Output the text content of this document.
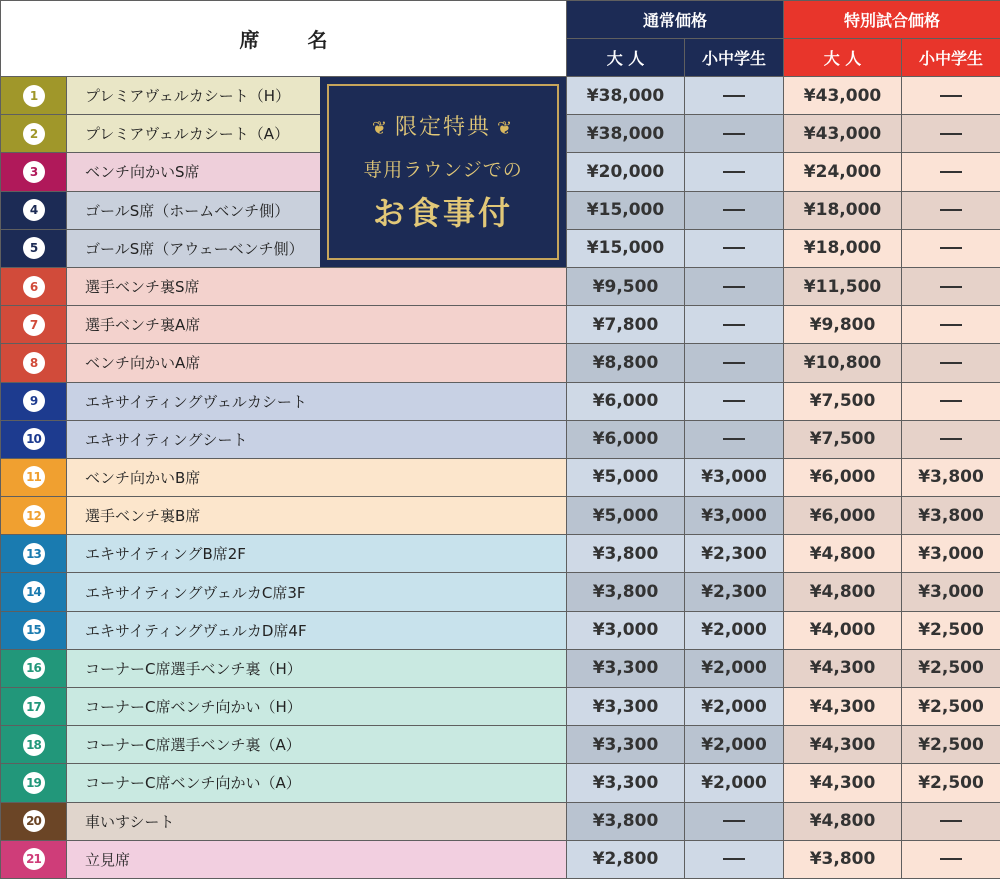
席名		通常価格		特別試合価格	
		大 人	小中学生	大 人	小中学生
1	プレミアヴェルカシート（H）	¥38,000		¥43,000	
2	プレミアヴェルカシート（A）	¥38,000		¥43,000	
3	ベンチ向かいS席	¥20,000		¥24,000	
4	ゴールS席（ホームベンチ側）	¥15,000		¥18,000	
5	ゴールS席（アウェーベンチ側）	¥15,000		¥18,000	
6	選手ベンチ裏S席	¥9,500		¥11,500	
7	選手ベンチ裏A席	¥7,800		¥9,800	
8	ベンチ向かいA席	¥8,800		¥10,800	
9	エキサイティングヴェルカシート	¥6,000		¥7,500	
10	エキサイティングシート	¥6,000		¥7,500	
11	ベンチ向かいB席	¥5,000	¥3,000	¥6,000	¥3,800
12	選手ベンチ裏B席	¥5,000	¥3,000	¥6,000	¥3,800
13	エキサイティングB席2F	¥3,800	¥2,300	¥4,800	¥3,000
14	エキサイティングヴェルカC席3F	¥3,800	¥2,300	¥4,800	¥3,000
15	エキサイティングヴェルカD席4F	¥3,000	¥2,000	¥4,000	¥2,500
16	コーナーC席選手ベンチ裏（H）	¥3,300	¥2,000	¥4,300	¥2,500
17	コーナーC席ベンチ向かい（H）	¥3,300	¥2,000	¥4,300	¥2,500
18	コーナーC席選手ベンチ裏（A）	¥3,300	¥2,000	¥4,300	¥2,500
19	コーナーC席ベンチ向かい（A）	¥3,300	¥2,000	¥4,300	¥2,500
20	車いすシート	¥3,800		¥4,800	
21	立見席	¥2,800		¥3,800	
❦ 限定特典 ❦
専用ラウンジでの
お食事付
